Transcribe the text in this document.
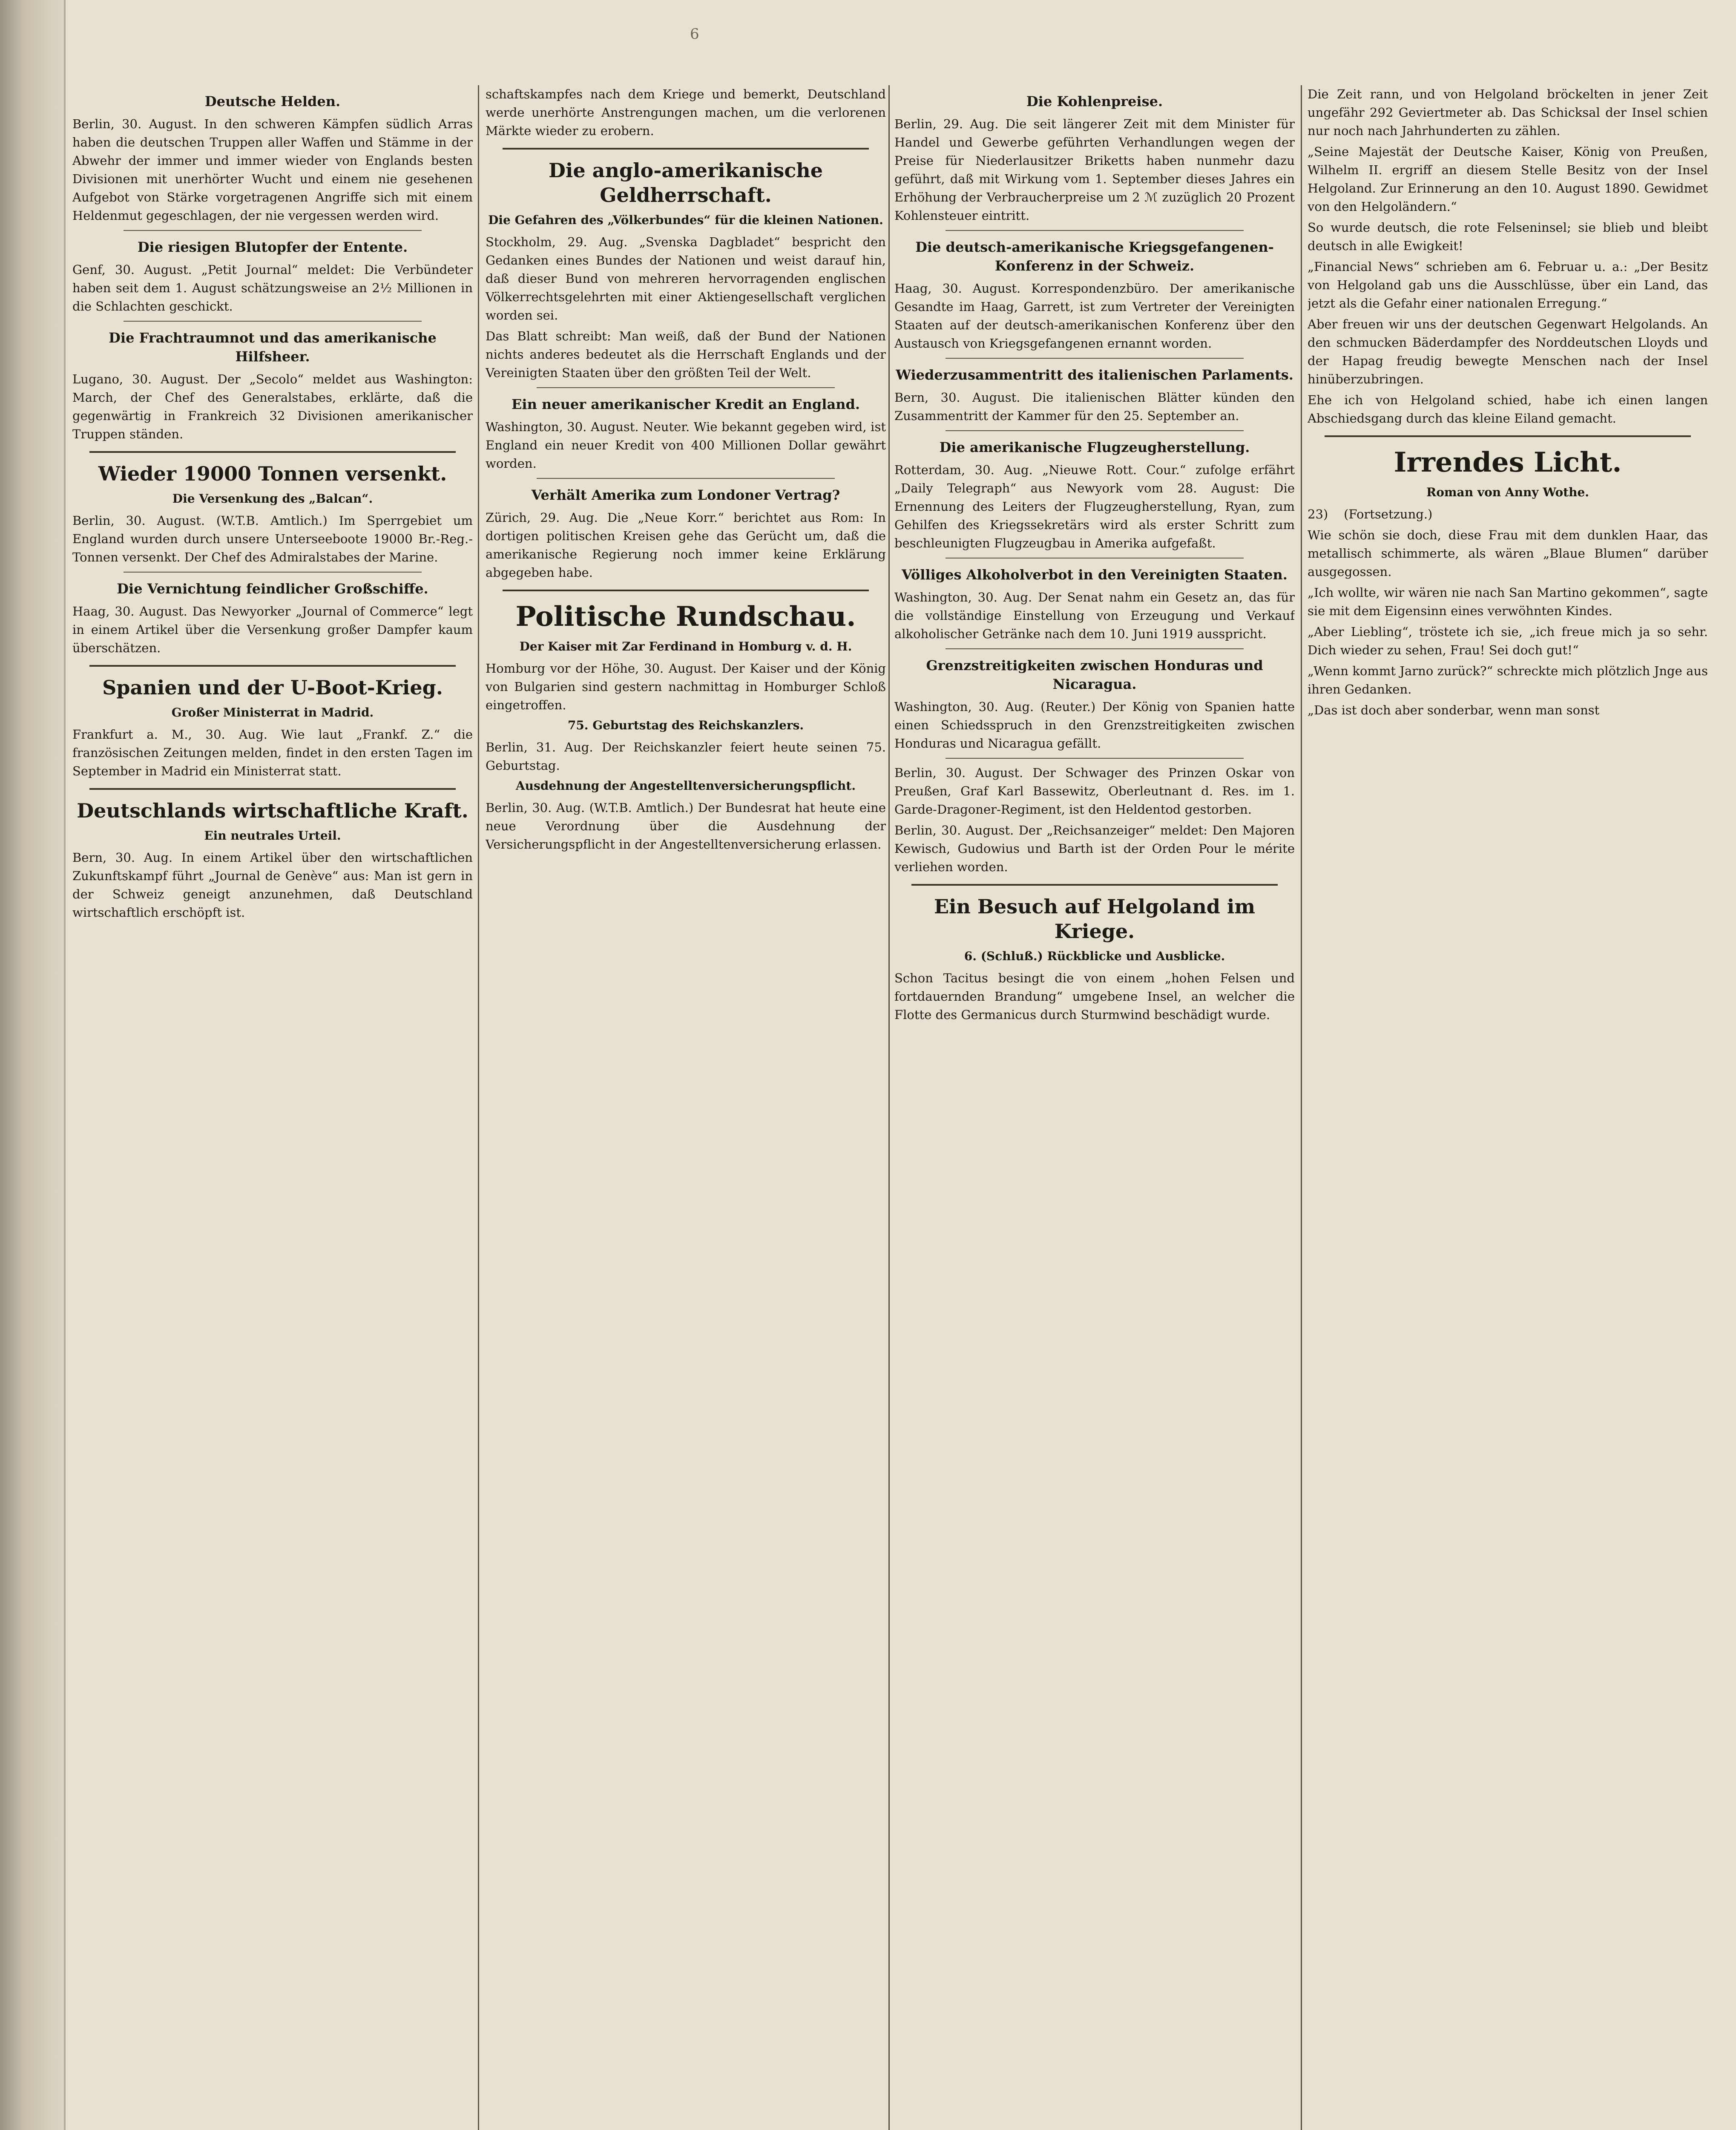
6
Deutsche Helden.

Berlin, 30. August. In den schweren Kämpfen südlich Arras haben die deutschen Truppen aller Waffen und Stämme in der Abwehr der immer und immer wieder von Englands besten Divisionen mit unerhörter Wucht und einem nie gesehenen Aufgebot von Stärke vorgetragenen Angriffe sich mit einem Heldenmut gegeschlagen, der nie vergessen werden wird.

Die riesigen Blutopfer der Entente.

Genf, 30. August. „Petit Journal“ meldet: Die Verbündeter haben seit dem 1. August schätzungsweise an 2½ Millionen in die Schlachten geschickt.

Die Frachtraumnot und das amerikanische Hilfsheer.

Lugano, 30. August. Der „Secolo“ meldet aus Washington: March, der Chef des Generalstabes, erklärte, daß die gegenwärtig in Frankreich 32 Divisionen amerikanischer Truppen ständen.

Wieder 19000 Tonnen versenkt.
Die Versenkung des „Balcan“.

Berlin, 30. August. (W.T.B. Amtlich.) Im Sperrgebiet um England wurden durch unsere Unterseeboote 19000 Br.-Reg.-Tonnen versenkt. Der Chef des Admiralstabes der Marine.

Die Vernichtung feindlicher Großschiffe.

Haag, 30. August. Das Newyorker „Journal of Commerce“ legt in einem Artikel über die Versenkung großer Dampfer kaum überschätzen.

Spanien und der U-Boot-Krieg.
Großer Ministerrat in Madrid.

Frankfurt a. M., 30. Aug. Wie laut „Frankf. Z.“ die französischen Zeitungen melden, findet in den ersten Tagen im September in Madrid ein Ministerrat statt.

Deutschlands wirtschaftliche Kraft.
Ein neutrales Urteil.

Bern, 30. Aug. In einem Artikel über den wirtschaftlichen Zukunftskampf führt „Journal de Genève“ aus: Man ist gern in der Schweiz geneigt anzunehmen, daß Deutschland wirtschaftlich erschöpft ist.

schaftskampfes nach dem Kriege und bemerkt, Deutschland werde unerhörte Anstrengungen machen, um die verlorenen Märkte wieder zu erobern.

Die anglo-amerikanische Geldherrschaft.
Die Gefahren des „Völkerbundes“ für die kleinen Nationen.

Stockholm, 29. Aug. „Svenska Dagbladet“ bespricht den Gedanken eines Bundes der Nationen und weist darauf hin, daß dieser Bund von mehreren hervorragenden englischen Völkerrechtsgelehrten mit einer Aktiengesellschaft verglichen worden sei.

Das Blatt schreibt: Man weiß, daß der Bund der Nationen nichts anderes bedeutet als die Herrschaft Englands und der Vereinigten Staaten über den größten Teil der Welt.

Ein neuer amerikanischer Kredit an England.

Washington, 30. August. Neuter. Wie bekannt gegeben wird, ist England ein neuer Kredit von 400 Millionen Dollar gewährt worden.

Verhält Amerika zum Londoner Vertrag?

Zürich, 29. Aug. Die „Neue Korr.“ berichtet aus Rom: In dortigen politischen Kreisen gehe das Gerücht um, daß die amerikanische Regierung noch immer keine Erklärung abgegeben habe.

Politische Rundschau.
Der Kaiser mit Zar Ferdinand in Homburg v. d. H.

Homburg vor der Höhe, 30. August. Der Kaiser und der König von Bulgarien sind gestern nachmittag in Homburger Schloß eingetroffen.

75. Geburtstag des Reichskanzlers.

Berlin, 31. Aug. Der Reichskanzler feiert heute seinen 75. Geburtstag.

Ausdehnung der Angestelltenversicherungspflicht.

Berlin, 30. Aug. (W.T.B. Amtlich.) Der Bundesrat hat heute eine neue Verordnung über die Ausdehnung der Versicherungspflicht in der Angestelltenversicherung erlassen.

Die Kohlenpreise.

Berlin, 29. Aug. Die seit längerer Zeit mit dem Minister für Handel und Gewerbe geführten Verhandlungen wegen der Preise für Niederlausitzer Briketts haben nunmehr dazu geführt, daß mit Wirkung vom 1. September dieses Jahres ein Erhöhung der Verbraucherpreise um 2 ℳ zuzüglich 20 Prozent Kohlensteuer eintritt.

Die deutsch-amerikanische Kriegsgefangenen-Konferenz in der Schweiz.

Haag, 30. August. Korrespondenzbüro. Der amerikanische Gesandte im Haag, Garrett, ist zum Vertreter der Vereinigten Staaten auf der deutsch-amerikanischen Konferenz über den Austausch von Kriegsgefangenen ernannt worden.

Wiederzusammentritt des italienischen Parlaments.

Bern, 30. August. Die italienischen Blätter künden den Zusammentritt der Kammer für den 25. September an.

Die amerikanische Flugzeugherstellung.

Rotterdam, 30. Aug. „Nieuwe Rott. Cour.“ zufolge erfährt „Daily Telegraph“ aus Newyork vom 28. August: Die Ernennung des Leiters der Flugzeugherstellung, Ryan, zum Gehilfen des Kriegssekretärs wird als erster Schritt zum beschleunigten Flugzeugbau in Amerika aufgefaßt.

Völliges Alkoholverbot in den Vereinigten Staaten.

Washington, 30. Aug. Der Senat nahm ein Gesetz an, das für die vollständige Einstellung von Erzeugung und Verkauf alkoholischer Getränke nach dem 10. Juni 1919 ausspricht.

Grenzstreitigkeiten zwischen Honduras und Nicaragua.

Washington, 30. Aug. (Reuter.) Der König von Spanien hatte einen Schiedsspruch in den Grenzstreitigkeiten zwischen Honduras und Nicaragua gefällt.

Berlin, 30. August. Der Schwager des Prinzen Oskar von Preußen, Graf Karl Bassewitz, Oberleutnant d. Res. im 1. Garde-Dragoner-Regiment, ist den Heldentod gestorben.

Berlin, 30. August. Der „Reichsanzeiger“ meldet: Den Majoren Kewisch, Gudowius und Barth ist der Orden Pour le mérite verliehen worden.

Ein Besuch auf Helgoland im Kriege.
6. (Schluß.) Rückblicke und Ausblicke.

Schon Tacitus besingt die von einem „hohen Felsen und fortdauernden Brandung“ umgebene Insel, an welcher die Flotte des Germanicus durch Sturmwind beschädigt wurde.

Die Zeit rann, und von Helgoland bröckelten in jener Zeit ungefähr 292 Geviertmeter ab. Das Schicksal der Insel schien nur noch nach Jahrhunderten zu zählen.

„Seine Majestät der Deutsche Kaiser, König von Preußen, Wilhelm II. ergriff an diesem Stelle Besitz von der Insel Helgoland. Zur Erinnerung an den 10. August 1890. Gewidmet von den Helgoländern.“

So wurde deutsch, die rote Felseninsel; sie blieb und bleibt deutsch in alle Ewigkeit!

„Financial News“ schrieben am 6. Februar u. a.: „Der Besitz von Helgoland gab uns die Ausschlüsse, über ein Land, das jetzt als die Gefahr einer nationalen Erregung.“

Aber freuen wir uns der deutschen Gegenwart Helgolands. An den schmucken Bäderdampfer des Norddeutschen Lloyds und der Hapag freudig bewegte Menschen nach der Insel hinüberzubringen.

Ehe ich von Helgoland schied, habe ich einen langen Abschiedsgang durch das kleine Eiland gemacht.

Irrendes Licht.
Roman von Anny Wothe.

23) (Fortsetzung.)

Wie schön sie doch, diese Frau mit dem dunklen Haar, das metallisch schimmerte, als wären „Blaue Blumen“ darüber ausgegossen.

„Ich wollte, wir wären nie nach San Martino gekommen“, sagte sie mit dem Eigensinn eines verwöhnten Kindes.

„Aber Liebling“, tröstete ich sie, „ich freue mich ja so sehr. Dich wieder zu sehen, Frau! Sei doch gut!“

„Wenn kommt Jarno zurück?“ schreckte mich plötzlich Jnge aus ihren Gedanken.

„Das ist doch aber sonderbar, wenn man sonst
